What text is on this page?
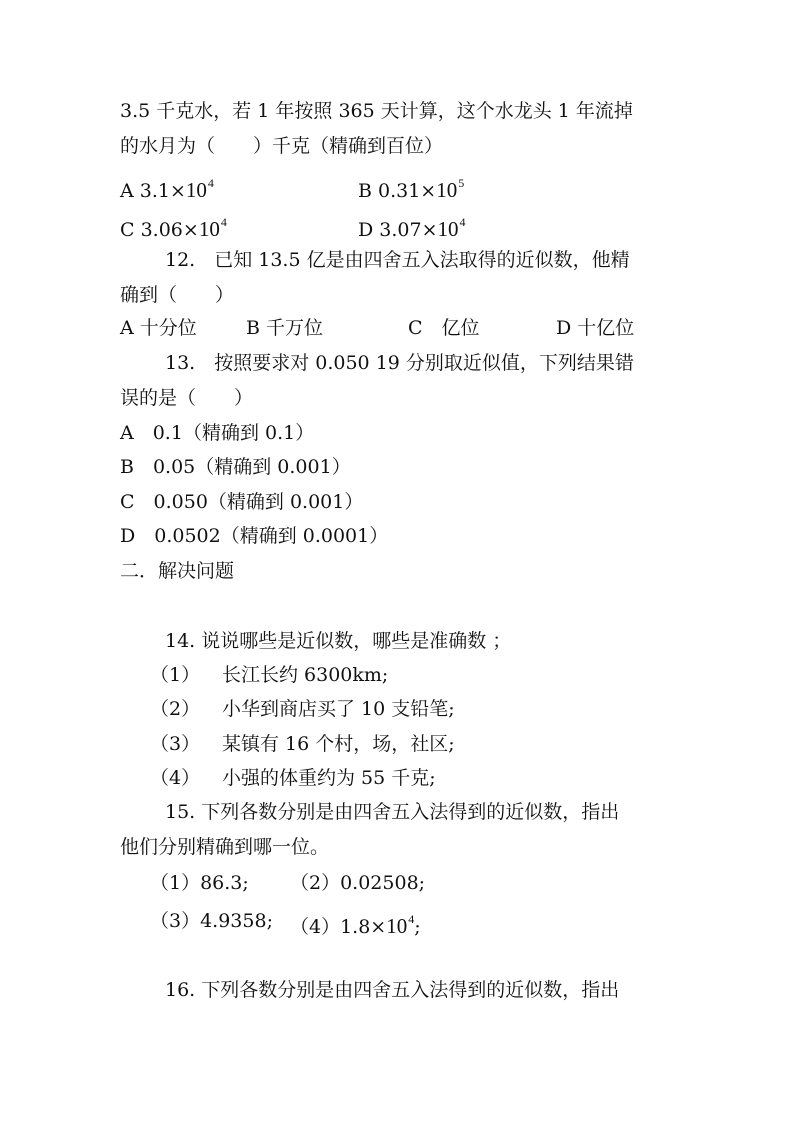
3.5 千克水，若 1 年按照 365 天计算，这个水龙头 1 年流掉
的水月为（　　）千克（精确到百位）
A $3.1\times 10^4$	B $0.31\times 10^5$
C $3.06\times 10^4$	D $3.07\times 10^4$
12.　已知 13.5 亿是由四舍五入法取得的近似数，他精
确到（　　）
A 十分位	B 千万位	C　亿位	D 十亿位
13.　按照要求对 0.050 19 分别取近似值，下列结果错
误的是（　　）
A　0.1（精确到 0.1）
B　0.05（精确到 0.001）
C　0.050（精确到 0.001）
D　0.0502（精确到 0.0001）
二．解决问题
14. 说说哪些是近似数，哪些是准确数 ；
（1） 长江长约 6300km;
（2） 小华到商店买了 10 支铅笔;
（3） 某镇有 16 个村，场，社区;
（4） 小强的体重约为 55 千克;
15. 下列各数分别是由四舍五入法得到的近似数，指出
他们分别精确到哪一位。
（1）86.3; （2）0.02508;
（3）4.9358; $(4)1.8\times 10^4$;
16. 下列各数分别是由四舍五入法得到的近似数，指出
